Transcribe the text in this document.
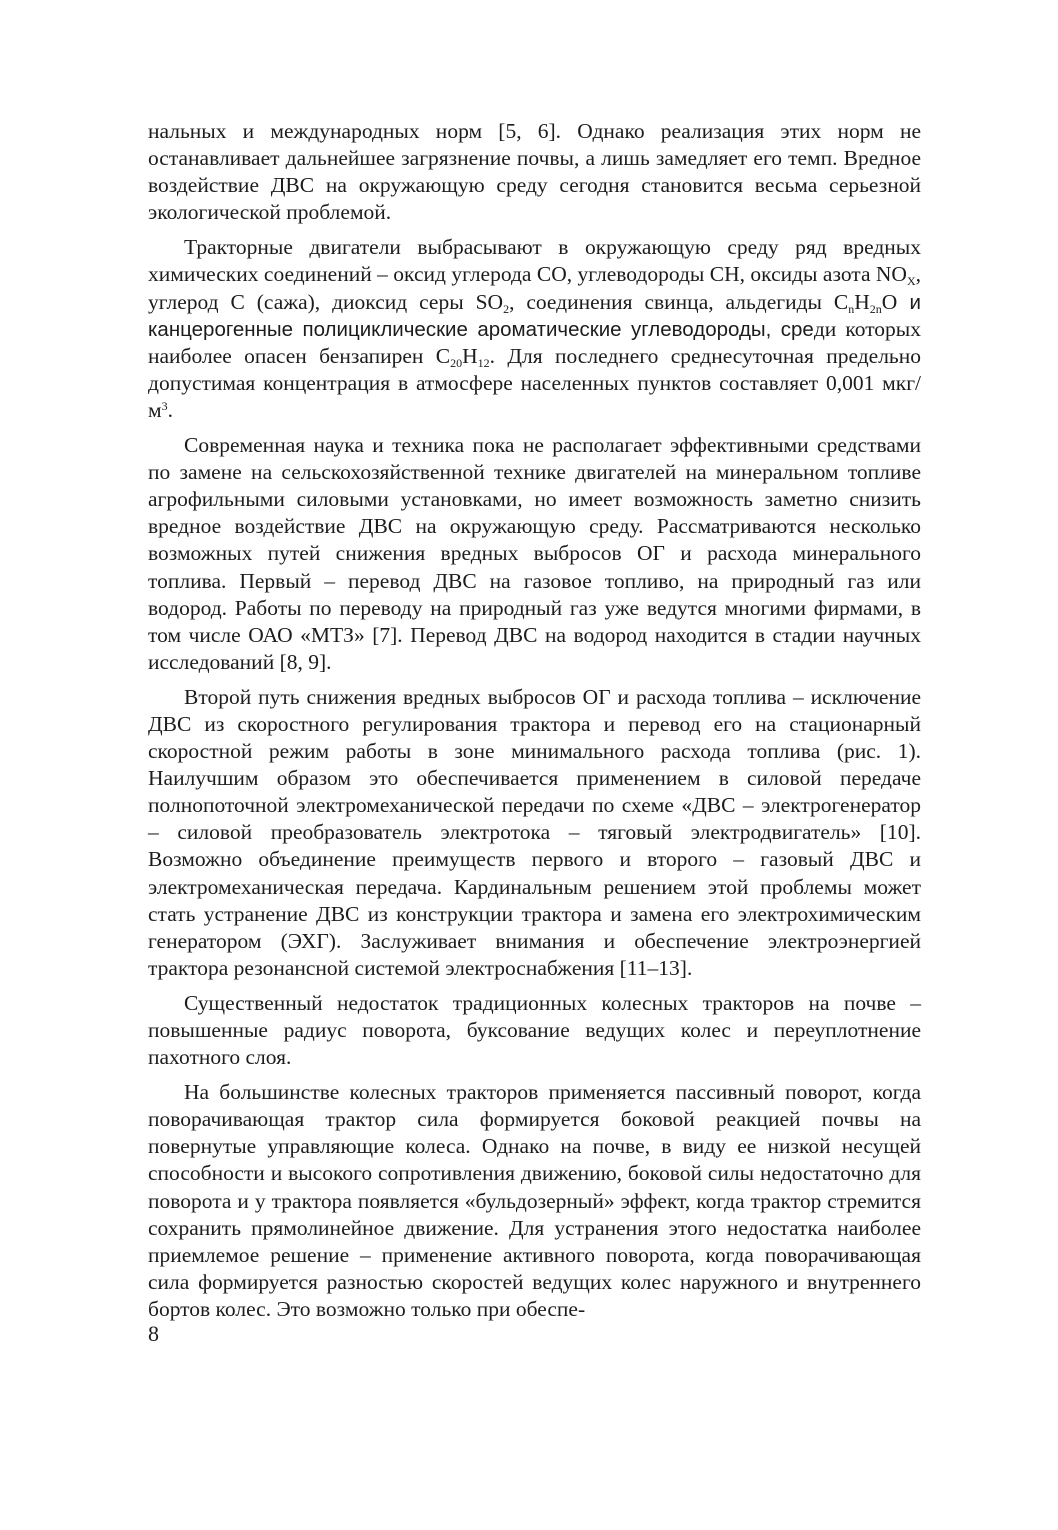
нальных и международных норм [5, 6]. Однако реализация этих норм не останавливает дальнейшее загрязнение почвы, а лишь замедляет его темп. Вредное воздействие ДВС на окружающую среду сегодня становится весьма серьезной экологической проблемой.

Тракторные двигатели выбрасывают в окружающую среду ряд вредных химических соединений – оксид углерода CO, углеводороды CH, оксиды азота $NO_X$, углерод C (сажа), диоксид серы $SO_2$, соединения свинца, альдегиды $C_nH_{2n}O$ и канцерогенные полициклические ароматические углеводороды, среди которых наиболее опасен бензапирен $C_{20}H_{12}$. Для последнего среднесуточная предельно допустимая концентрация в атмосфере населенных пунктов составляет 0,001 мкг/$м^3$.

Современная наука и техника пока не располагает эффективными средствами по замене на сельскохозяйственной технике двигателей на минеральном топливе агрофильными силовыми установками, но имеет возможность заметно снизить вредное воздействие ДВС на окружающую среду. Рассматриваются несколько возможных путей снижения вредных выбросов ОГ и расхода минерального топлива. Первый – перевод ДВС на газовое топливо, на природный газ или водород. Работы по переводу на природный газ уже ведутся многими фирмами, в том числе ОАО «МТЗ» [7]. Перевод ДВС на водород находится в стадии научных исследований [8, 9].

Второй путь снижения вредных выбросов ОГ и расхода топлива – исключение ДВС из скоростного регулирования трактора и перевод его на стационарный скоростной режим работы в зоне минимального расхода топлива (рис. 1). Наилучшим образом это обеспечивается применением в силовой передаче полнопоточной электромеханической передачи по схеме «ДВС – электрогенератор – силовой преобразователь электротока – тяговый электродвигатель» [10]. Возможно объединение преимуществ первого и второго – газовый ДВС и электромеханическая передача. Кардинальным решением этой проблемы может стать устранение ДВС из конструкции трактора и замена его электрохимическим генератором (ЭХГ). Заслуживает внимания и обеспечение электроэнергией трактора резонансной системой электроснабжения [11–13].

Существенный недостаток традиционных колесных тракторов на почве – повышенные радиус поворота, буксование ведущих колес и переуплотнение пахотного слоя.

На большинстве колесных тракторов применяется пассивный поворот, когда поворачивающая трактор сила формируется боковой реакцией почвы на повернутые управляющие колеса. Однако на почве, в виду ее низкой несущей способности и высокого сопротивления движению, боковой силы недостаточно для поворота и у трактора появляется «бульдозерный» эффект, когда трактор стремится сохранить прямолинейное движение. Для устранения этого недостатка наиболее приемлемое решение – применение активного поворота, когда поворачивающая сила формируется разностью скоростей ведущих колес наружного и внутреннего бортов колес. Это возможно только при обеспе-

8
